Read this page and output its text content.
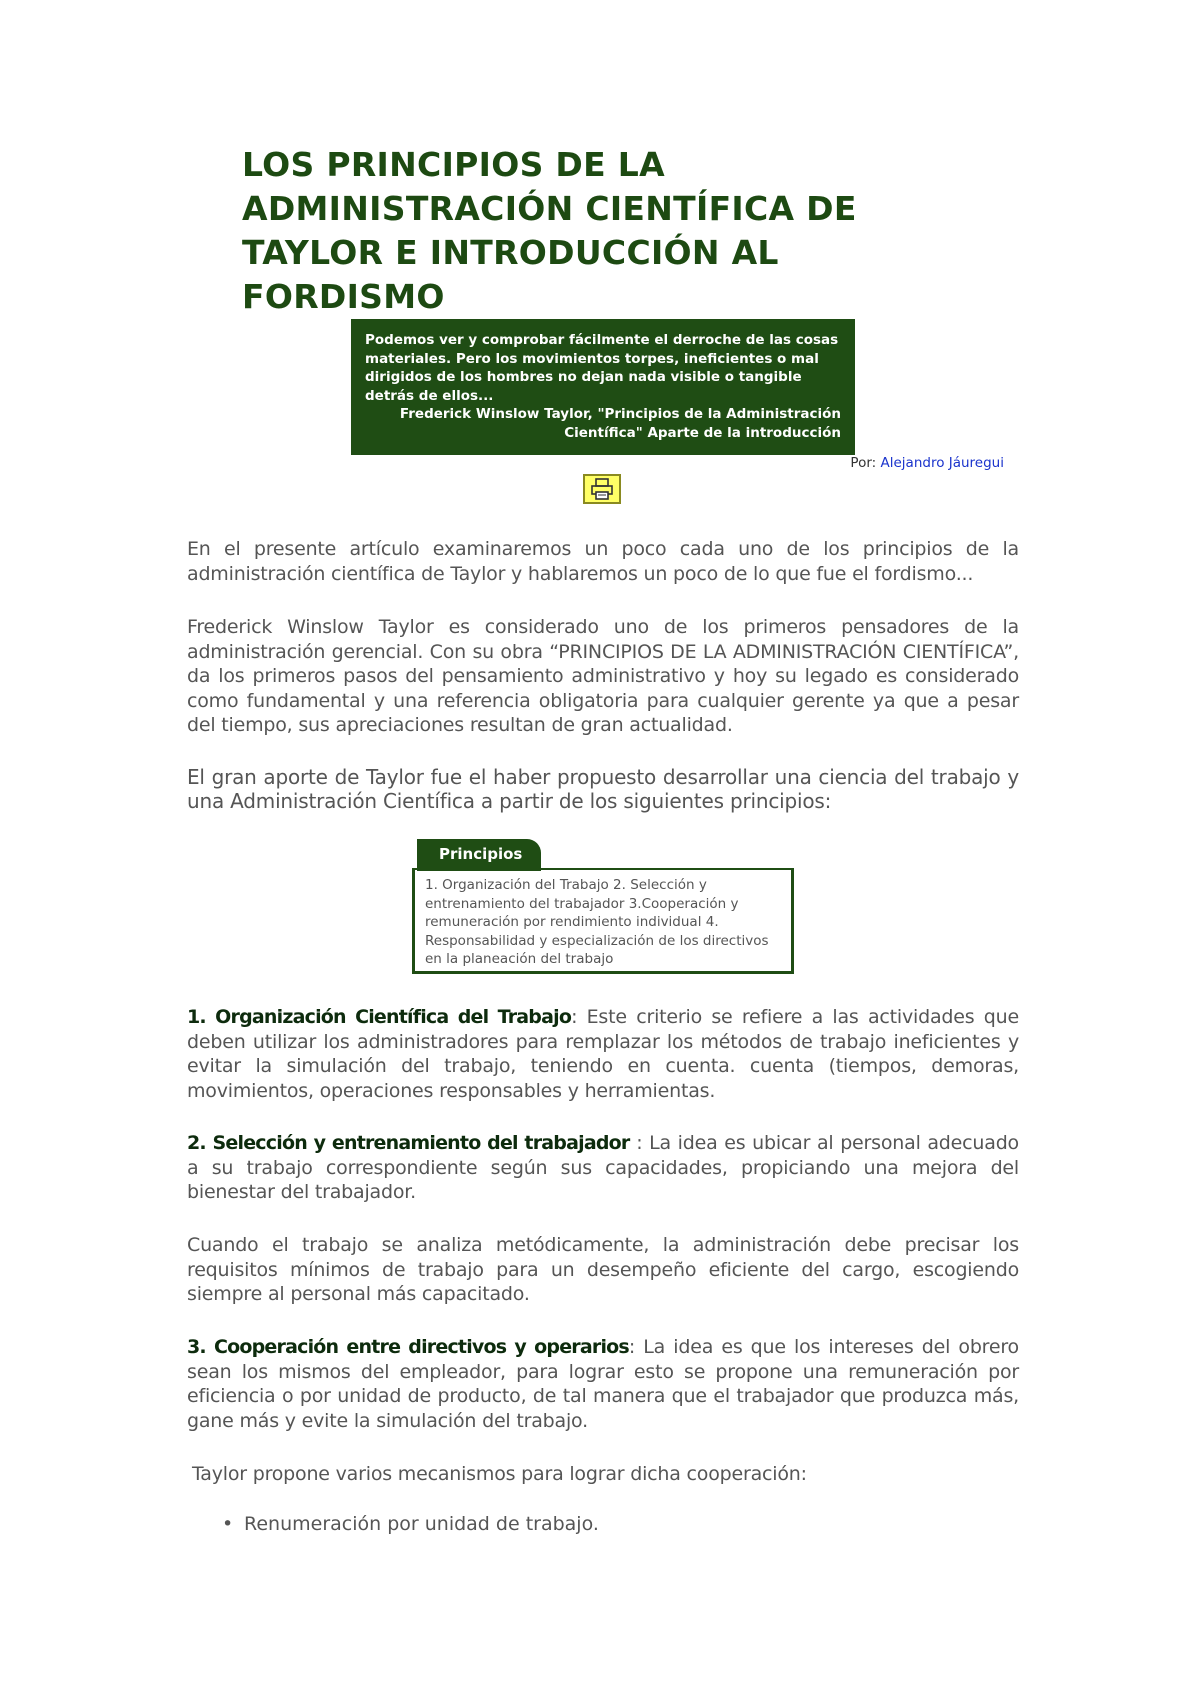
LOS PRINCIPIOS DE LA ADMINISTRACIÓN CIENTÍFICA DE TAYLOR E INTRODUCCIÓN AL FORDISMO
Podemos ver y comprobar fácilmente el derroche de las cosas materiales. Pero los movimientos torpes, ineficientes o mal dirigidos de los hombres no dejan nada visible o tangible detrás de ellos...
Frederick Winslow Taylor, "Principios de la Administración Científica" Aparte de la introducción
Por: Alejandro Jáuregui

En el presente artículo examinaremos un poco cada uno de los principios de la administración científica de Taylor y hablaremos un poco de lo que fue el fordismo...

Frederick Winslow Taylor es considerado uno de los primeros pensadores de la administración gerencial. Con su obra “PRINCIPIOS DE LA ADMINISTRACIÓN CIENTÍFICA”, da los primeros pasos del pensamiento administrativo y hoy su legado es considerado como fundamental y una referencia obligatoria para cualquier gerente ya que a pesar del tiempo, sus apreciaciones resultan de gran actualidad.

El gran aporte de Taylor fue el haber propuesto desarrollar una ciencia del trabajo y una Administración Científica a partir de los siguientes principios:

Principios
1. Organización del Trabajo 2. Selección y entrenamiento del trabajador 3.Cooperación y remuneración por rendimiento individual 4. Responsabilidad y especialización de los directivos en la planeación del trabajo

1. Organización Científica del Trabajo: Este criterio se refiere a las actividades que deben utilizar los administradores para remplazar los métodos de trabajo ineficientes y evitar la simulación del trabajo, teniendo en cuenta. cuenta (tiempos, demoras, movimientos, operaciones responsables y herramientas.

2. Selección y entrenamiento del trabajador : La idea es ubicar al personal adecuado a su trabajo correspondiente según sus capacidades, propiciando una mejora del bienestar del trabajador.

Cuando el trabajo se analiza metódicamente, la administración debe precisar los requisitos mínimos de trabajo para un desempeño eficiente del cargo, escogiendo siempre al personal más capacitado.

3. Cooperación entre directivos y operarios: La idea es que los intereses del obrero sean los mismos del empleador, para lograr esto se propone una remuneración por eficiencia o por unidad de producto, de tal manera que el trabajador que produzca más, gane más y evite la simulación del trabajo.

Taylor propone varios mecanismos para lograr dicha cooperación:

• Renumeración por unidad de trabajo.
